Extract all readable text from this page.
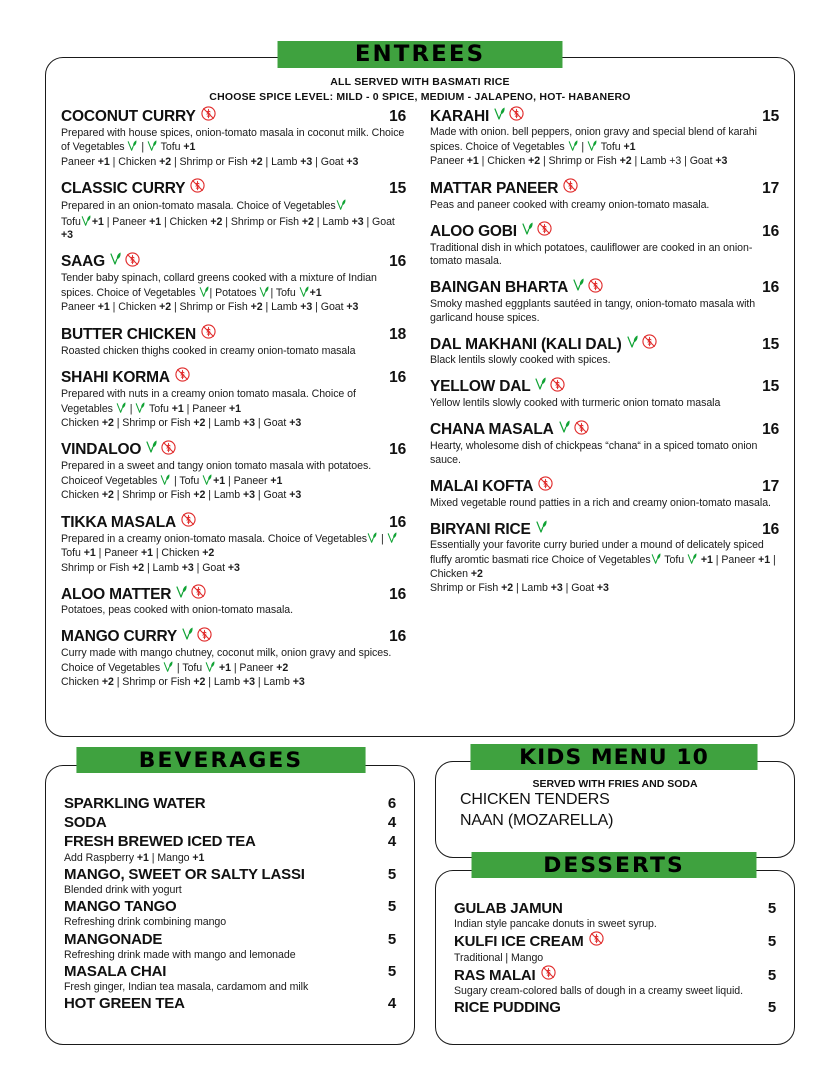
ENTREES
ALL SERVED WITH BASMATI RICE
CHOOSE SPICE LEVEL: MILD - 0 SPICE, MEDIUM - JALAPENO, HOT- HABANERO
COCONUT CURRY	16
Prepared with house spices, onion-tomato masala in coconut milk. Choice of Vegetables  |  Tofu +1
Paneer +1 | Chicken +2 | Shrimp or Fish +2 | Lamb +3 | Goat +3
CLASSIC CURRY	15
Prepared in an onion-tomato masala. Choice of Vegetables
Tofu +1 | Paneer +1 | Chicken +2 | Shrimp or Fish +2 | Lamb +3 | Goat +3
SAAG	16
Tender baby spinach, collard greens cooked with a mixture of Indian spices. Choice of Vegetables | Potatoes | Tofu +1
Paneer +1 | Chicken +2 | Shrimp or Fish +2 | Lamb +3 | Goat +3
BUTTER CHICKEN	18
Roasted chicken thighs cooked in creamy onion-tomato masala
SHAHI KORMA	16
Prepared with nuts in a creamy onion tomato masala. Choice of Vegetables  |  Tofu +1 | Paneer +1
Chicken +2 | Shrimp or Fish +2 | Lamb +3 | Goat +3
VINDALOO	16
Prepared in a sweet and tangy onion tomato masala with potatoes. Choiceof Vegetables  | Tofu +1 | Paneer +1
Chicken +2 | Shrimp or Fish +2 | Lamb +3 | Goat +3
TIKKA MASALA	16
Prepared in a creamy onion-tomato masala. Choice of Vegetables | Tofu +1 | Paneer +1 | Chicken +2
Shrimp or Fish +2 | Lamb +3 | Goat +3
ALOO MATTER	16
Potatoes, peas cooked with onion-tomato masala.
MANGO CURRY	16
Curry made with mango chutney, coconut milk, onion gravy and spices. Choice of Vegetables  | Tofu  +1 | Paneer +2
Chicken +2 | Shrimp or Fish +2 | Lamb +3 | Lamb +3
KARAHI	15
Made with onion. bell peppers, onion gravy and special blend of karahi spices. Choice of Vegetables  |  Tofu +1
Paneer +1 | Chicken +2 | Shrimp or Fish +2 | Lamb +3 | Goat +3
MATTAR PANEER	17
Peas and paneer cooked with creamy onion-tomato masala.
ALOO GOBI	16
Traditional dish in which potatoes, cauliflower are cooked in an onion-tomato masala.
BAINGAN BHARTA	16
Smoky mashed eggplants sautéed in tangy, onion-tomato masala with garlicand house spices.
DAL MAKHANI (KALI DAL)	15
Black lentils slowly cooked with spices.
YELLOW DAL	15
Yellow lentils slowly cooked with turmeric onion tomato masala
CHANA MASALA	16
Hearty, wholesome dish of chickpeas “chana“ in a spiced tomato onion sauce.
MALAI KOFTA	17
Mixed vegetable round patties in a rich and creamy onion-tomato masala.
BIRYANI RICE	16
Essentially your favorite curry buried under a mound of delicately spiced fluffy aromtic basmati rice Choice of Vegetables Tofu  +1 | Paneer +1 | Chicken +2
Shrimp or Fish +2 | Lamb +3 | Goat +3
SPARKLING WATER	6
SODA	4
FRESH BREWED ICED TEA	4
Add Raspberry +1 | Mango +1
MANGO, SWEET OR SALTY LASSI	5
Blended drink with yogurt
MANGO TANGO	5
Refreshing drink combining mango
MANGONADE	5
Refreshing drink made with mango and lemonade
MASALA CHAI	5
Fresh ginger, Indian tea masala, cardamom and milk
HOT GREEN TEA	4
BEVERAGES
SERVED WITH FRIES AND SODA
CHICKEN TENDERS
NAAN (MOZARELLA)
KIDS MENU 10
GULAB JAMUN	5
Indian style pancake donuts in sweet syrup.
KULFI ICE CREAM	5
Traditional | Mango
RAS MALAI	5
Sugary cream-colored balls of dough in a creamy sweet liquid.
RICE PUDDING	5
DESSERTS
